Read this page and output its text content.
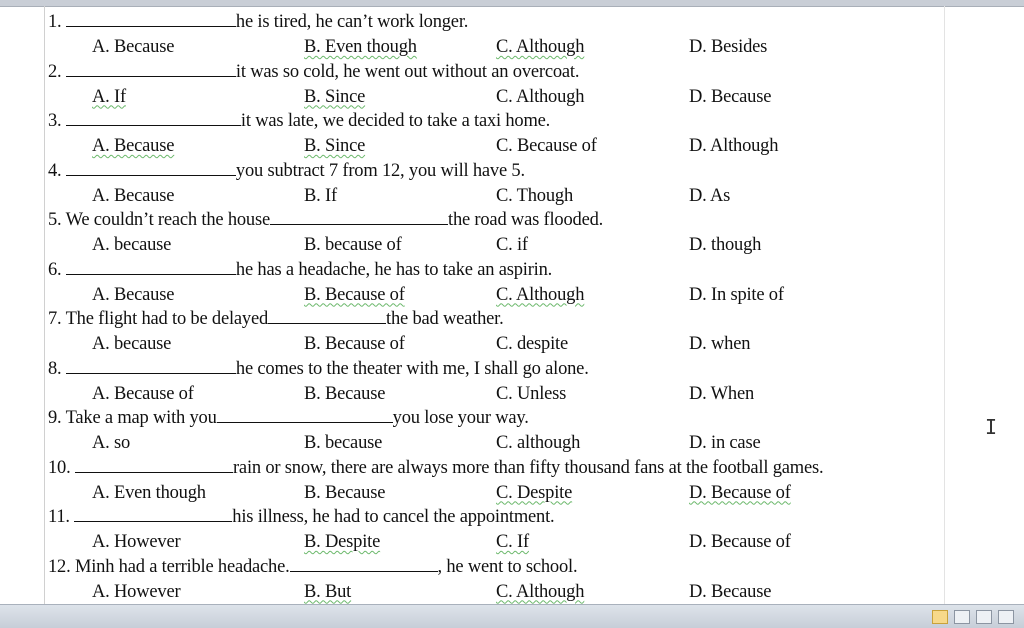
1.	he is tired, he can’t work longer.
A. Because	B. Even though	C. Although	D. Besides
2.	it was so cold, he went out without an overcoat.
A. If	B. Since	C. Although	D. Because
3.	it was late, we decided to take a taxi home.
A. Because	B. Since	C. Because of	D. Although
4.	you subtract 7 from 12, you will have 5.
A. Because	B. If	C. Though	D. As
5. We couldn’t reach the house	the road was flooded.
A. because	B. because of	C. if	D. though
6.	he has a headache, he has to take an aspirin.
A. Because	B. Because of	C. Although	D. In spite of
7. The flight had to be delayed	the bad weather.
A. because	B. Because of	C. despite	D. when
8.	he comes to the theater with me, I shall go alone.
A. Because of	B. Because	C. Unless	D. When
9. Take a map with you	you lose your way.
A. so	B. because	C. although	D. in case
10.	rain or snow, there are always more than fifty thousand fans at the football games.
A. Even though	B. Because	C. Despite	D. Because of
11.	his illness, he had to cancel the appointment.
A. However	B. Despite	C. If	D. Because of
12. Minh had a terrible headache.	, he went to school.
A. However	B. But	C. Although	D. Because
I
